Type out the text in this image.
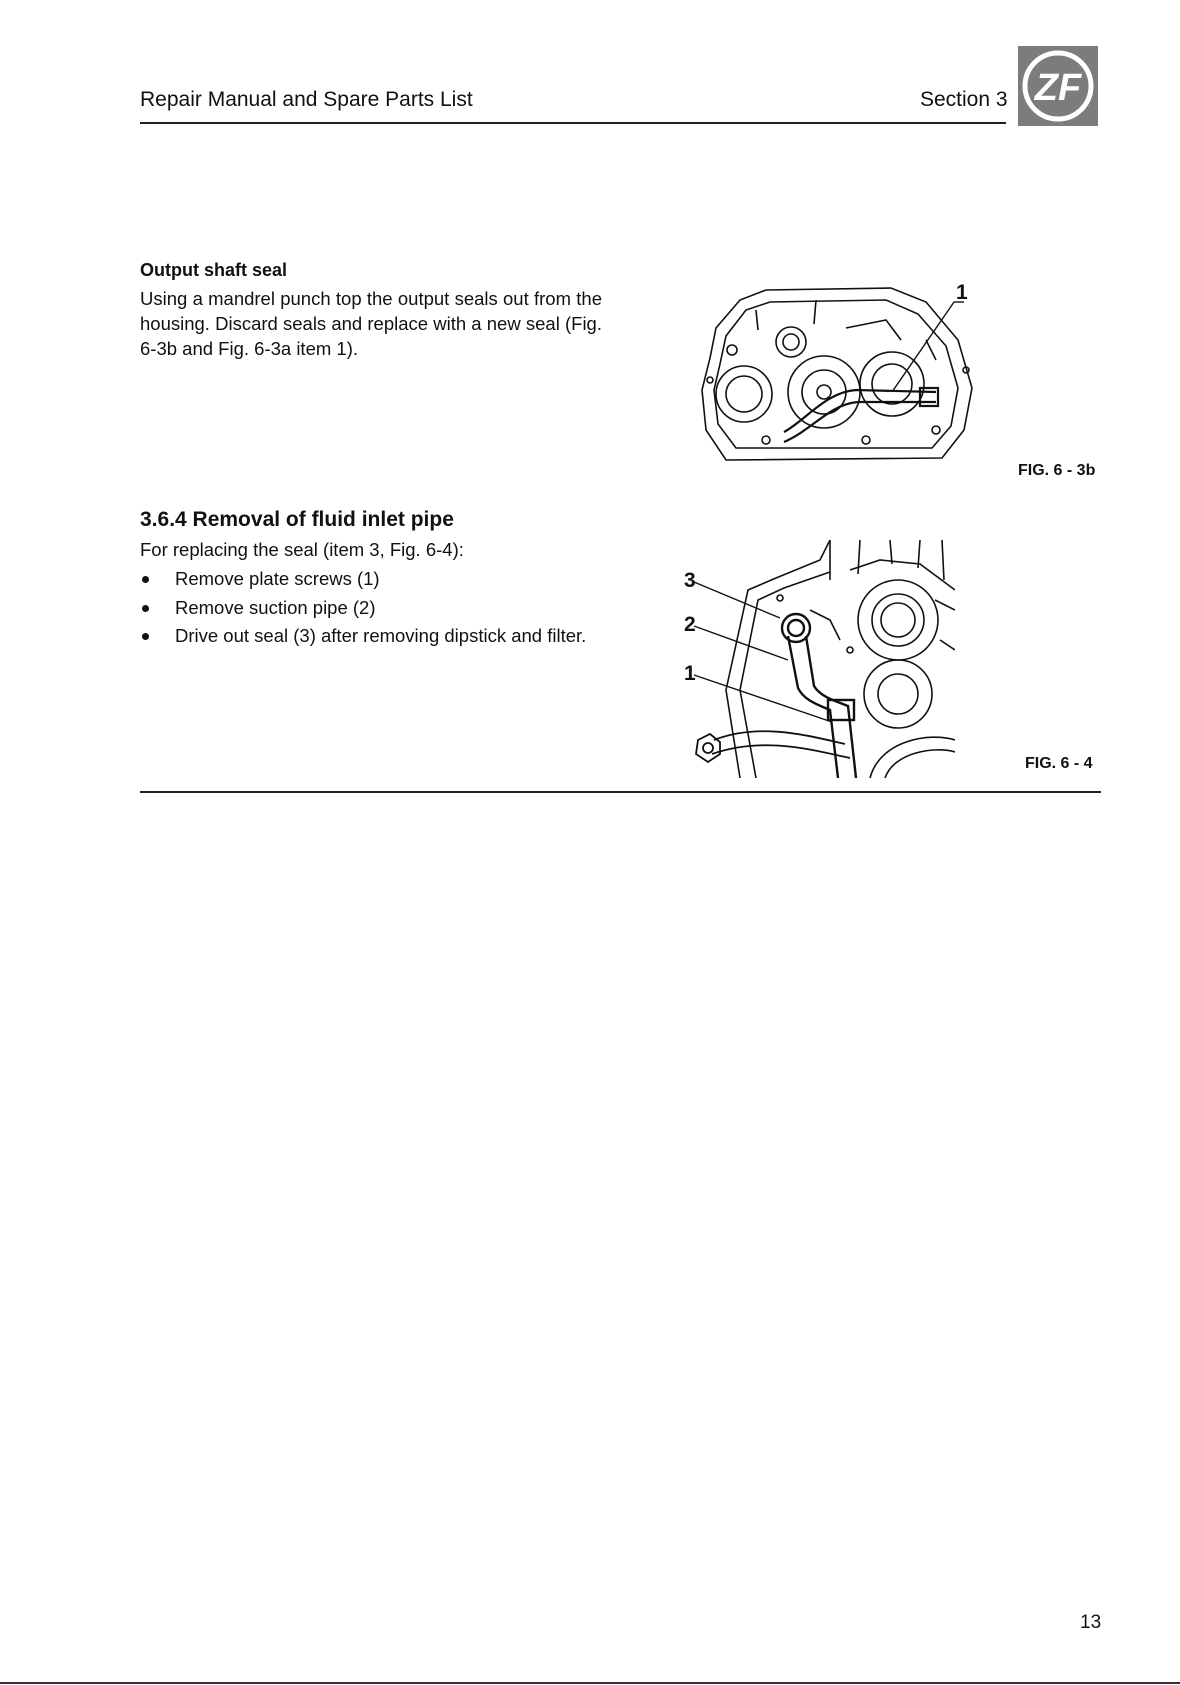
Repair Manual and Spare Parts List	Section 3 ZF
Output shaft seal
Using a mandrel punch top the output seals out from the housing. Discard seals and replace with a new seal (Fig. 6-3b and Fig. 6-3a item 1).
1
FIG. 6 - 3b
3.6.4 Removal of fluid inlet pipe
For replacing the seal (item 3, Fig. 6-4):
Remove plate screws (1)
Remove suction pipe (2)
Drive out seal (3) after removing dipstick and filter.
3
2
1
FIG. 6 - 4
13
